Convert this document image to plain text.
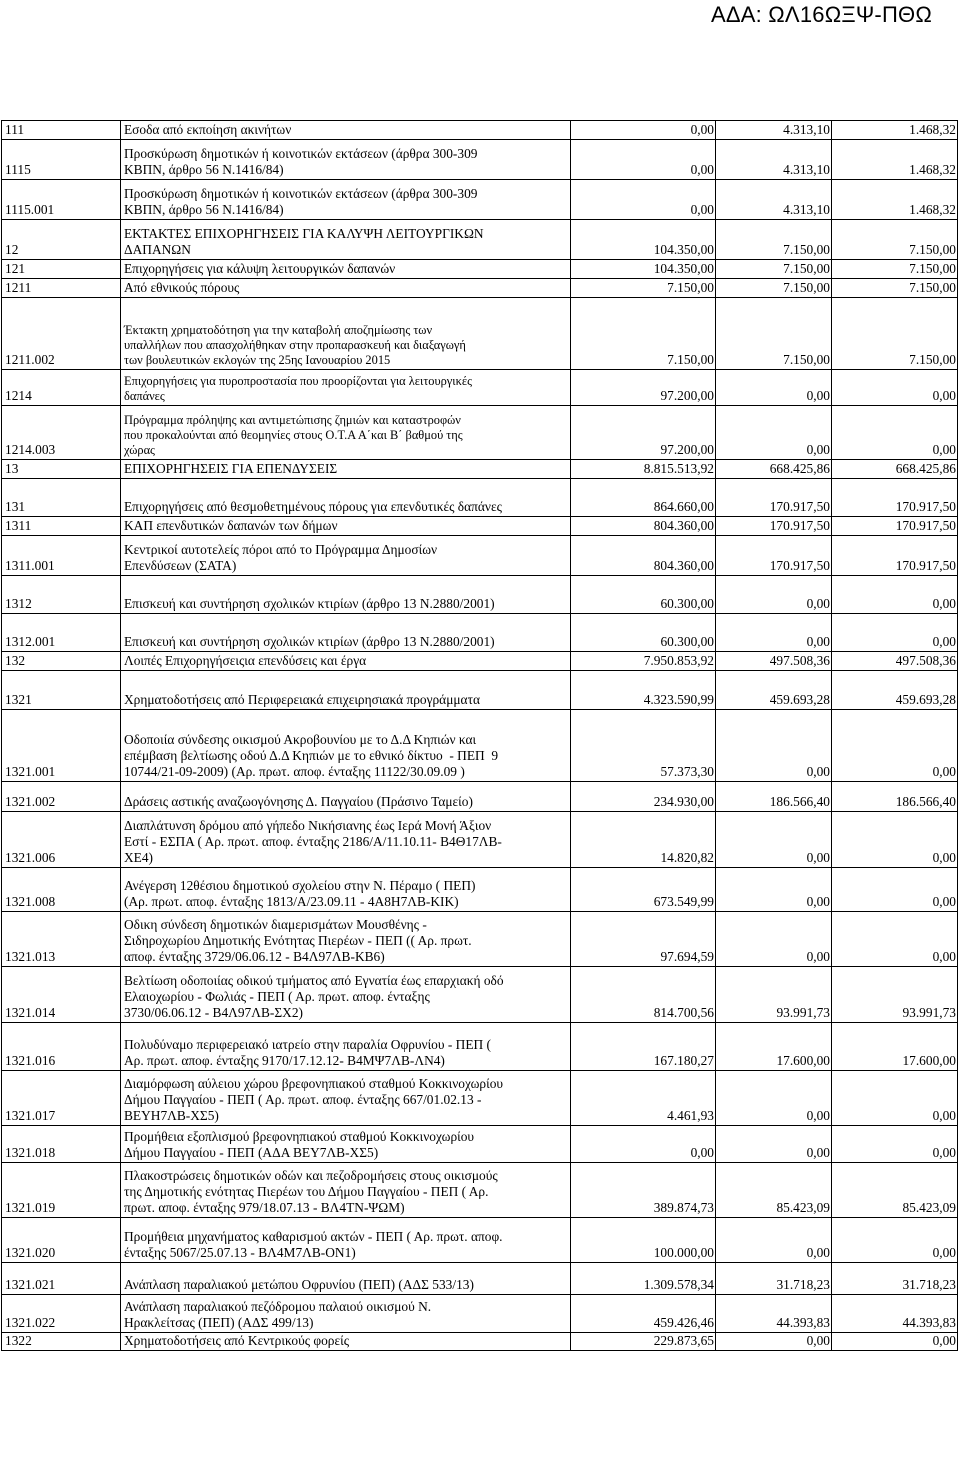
ΑΔΑ: ΩΛ16ΩΞΨ-ΠΘΩ
111	Εσοδα από εκποίηση ακινήτων	0,00	4.313,10	1.468,32
1115	Προσκύρωση δημοτικών ή κοινοτικών εκτάσεων (άρθρα 300-309
ΚΒΠΝ, άρθρο 56 Ν.1416/84)	0,00	4.313,10	1.468,32
1115.001	Προσκύρωση δημοτικών ή κοινοτικών εκτάσεων (άρθρα 300-309
ΚΒΠΝ, άρθρο 56 Ν.1416/84)	0,00	4.313,10	1.468,32
12	ΕΚΤΑΚΤΕΣ ΕΠΙΧΟΡΗΓΗΣΕΙΣ ΓΙΑ ΚΑΛΥΨΗ ΛΕΙΤΟΥΡΓΙΚΩΝ
ΔΑΠΑΝΩΝ	104.350,00	7.150,00	7.150,00
121	Επιχορηγήσεις για κάλυψη λειτουργικών δαπανών	104.350,00	7.150,00	7.150,00
1211	Από εθνικούς πόρους	7.150,00	7.150,00	7.150,00
1211.002	Έκτακτη χρηματοδότηση για την καταβολή αποζημίωσης των
υπαλλήλων που απασχολήθηκαν στην προπαρασκευή και διαξαγωγή
των βουλευτικών εκλογών της 25ης Ιανουαρίου 2015	7.150,00	7.150,00	7.150,00
1214	Επιχορηγήσεις για πυροπροστασία που προορίζονται για λειτουργικές
δαπάνες	97.200,00	0,00	0,00
1214.003	Πρόγραμμα πρόληψης και αντιμετώπισης ζημιών και καταστροφών
που προκαλούνται από θεομηνίες στους Ο.Τ.Α Α΄και Β΄ βαθμού της
χώρας	97.200,00	0,00	0,00
13	ΕΠΙΧΟΡΗΓΗΣΕΙΣ ΓΙΑ ΕΠΕΝΔΥΣΕΙΣ	8.815.513,92	668.425,86	668.425,86
131	Επιχορηγήσεις από θεσμοθετημένους πόρους για επενδυτικές δαπάνες	864.660,00	170.917,50	170.917,50
1311	ΚΑΠ επενδυτικών δαπανών των δήμων	804.360,00	170.917,50	170.917,50
1311.001	Κεντρικοί αυτοτελείς πόροι από το Πρόγραμμα Δημοσίων
Επενδύσεων (ΣΑΤΑ)	804.360,00	170.917,50	170.917,50
1312	Επισκευή και συντήρηση σχολικών κτιρίων (άρθρο 13 Ν.2880/2001)	60.300,00	0,00	0,00
1312.001	Επισκευή και συντήρηση σχολικών κτιρίων (άρθρο 13 Ν.2880/2001)	60.300,00	0,00	0,00
132	Λοιπές Επιχορηγήσειςια επενδύσεις και έργα	7.950.853,92	497.508,36	497.508,36
1321	Χρηματοδοτήσεις από Περιφερειακά επιχειρησιακά προγράμματα	4.323.590,99	459.693,28	459.693,28
1321.001	Οδοποιία σύνδεσης οικισμού Ακροβουνίου με το Δ.Δ Κηπιών και
επέμβαση βελτίωσης οδού Δ.Δ Κηπιών με το εθνικό δίκτυο  - ΠΕΠ  9
10744/21-09-2009) (Αρ. πρωτ. αποφ. ένταξης 11122/30.09.09 )	57.373,30	0,00	0,00
1321.002	Δράσεις αστικής αναζωογόνησης Δ. Παγγαίου (Πράσινο Ταμείο)	234.930,00	186.566,40	186.566,40
1321.006	Διαπλάτυνση δρόμου από γήπεδο Νικήσιανης έως Ιερά Μονή Άξιον
Εστί - ΕΣΠΑ ( Αρ. πρωτ. αποφ. ένταξης 2186/Α/11.10.11- Β4Θ17ΛΒ-
ΧΕ4)	14.820,82	0,00	0,00
1321.008	Ανέγερση 12θέσιου δημοτικού σχολείου στην Ν. Πέραμο ( ΠΕΠ)
(Αρ. πρωτ. αποφ. ένταξης 1813/Α/23.09.11 - 4Α8Η7ΛΒ-ΚΙΚ)	673.549,99	0,00	0,00
1321.013	Οδικη σύνδεση δημοτικών διαμερισμάτων Μουσθένης -
Σιδηροχωρίου Δημοτικής Ενότητας Πιερέων - ΠΕΠ (( Αρ. πρωτ.
αποφ. ένταξης 3729/06.06.12 - Β4Λ97ΛΒ-ΚΒ6)	97.694,59	0,00	0,00
1321.014	Βελτίωση οδοποιίας οδικού τμήματος από Εγνατία έως επαρχιακή οδό
Ελαιοχωρίου - Φωλιάς - ΠΕΠ ( Αρ. πρωτ. αποφ. ένταξης
3730/06.06.12 - Β4Λ97ΛΒ-ΣΧ2)	814.700,56	93.991,73	93.991,73
1321.016	Πολυδύναμο περιφερειακό ιατρείο στην παραλία Οφρυνίου - ΠΕΠ (
Αρ. πρωτ. αποφ. ένταξης 9170/17.12.12- Β4ΜΨ7ΛΒ-ΛΝ4)	167.180,27	17.600,00	17.600,00
1321.017	Διαμόρφωση αύλειου χώρου βρεφονηπιακού σταθμού Κοκκινοχωρίου
Δήμου Παγγαίου - ΠΕΠ ( Αρ. πρωτ. αποφ. ένταξης 667/01.02.13 -
ΒΕΥΗ7ΛΒ-ΧΣ5)	4.461,93	0,00	0,00
1321.018	Προμήθεια εξοπλισμού βρεφονηπιακού σταθμού Κοκκινοχωρίου
Δήμου Παγγαίου - ΠΕΠ (ΑΔΑ ΒΕΥ7ΛΒ-ΧΣ5)	0,00	0,00	0,00
1321.019	Πλακοστρώσεις δημοτικών οδών και πεζοδρομήσεις στους οικισμούς
της Δημοτικής ενότητας Πιερέων του Δήμου Παγγαίου - ΠΕΠ ( Αρ.
πρωτ. αποφ. ένταξης 979/18.07.13 - ΒΛ4ΤΝ-ΨΩΜ)	389.874,73	85.423,09	85.423,09
1321.020	Προμήθεια μηχανήματος καθαρισμού ακτών - ΠΕΠ ( Αρ. πρωτ. αποφ.
ένταξης 5067/25.07.13 - ΒΛ4Μ7ΛΒ-ΟΝ1)	100.000,00	0,00	0,00
1321.021	Ανάπλαση παραλιακού μετώπου Οφρυνίου (ΠΕΠ) (ΑΔΣ 533/13)	1.309.578,34	31.718,23	31.718,23
1321.022	Ανάπλαση παραλιακού πεζόδρομου παλαιού οικισμού Ν.
Ηρακλείτσας (ΠΕΠ) (ΑΔΣ 499/13)	459.426,46	44.393,83	44.393,83
1322	Χρηματοδοτήσεις από Κεντρικούς φορείς	229.873,65	0,00	0,00
